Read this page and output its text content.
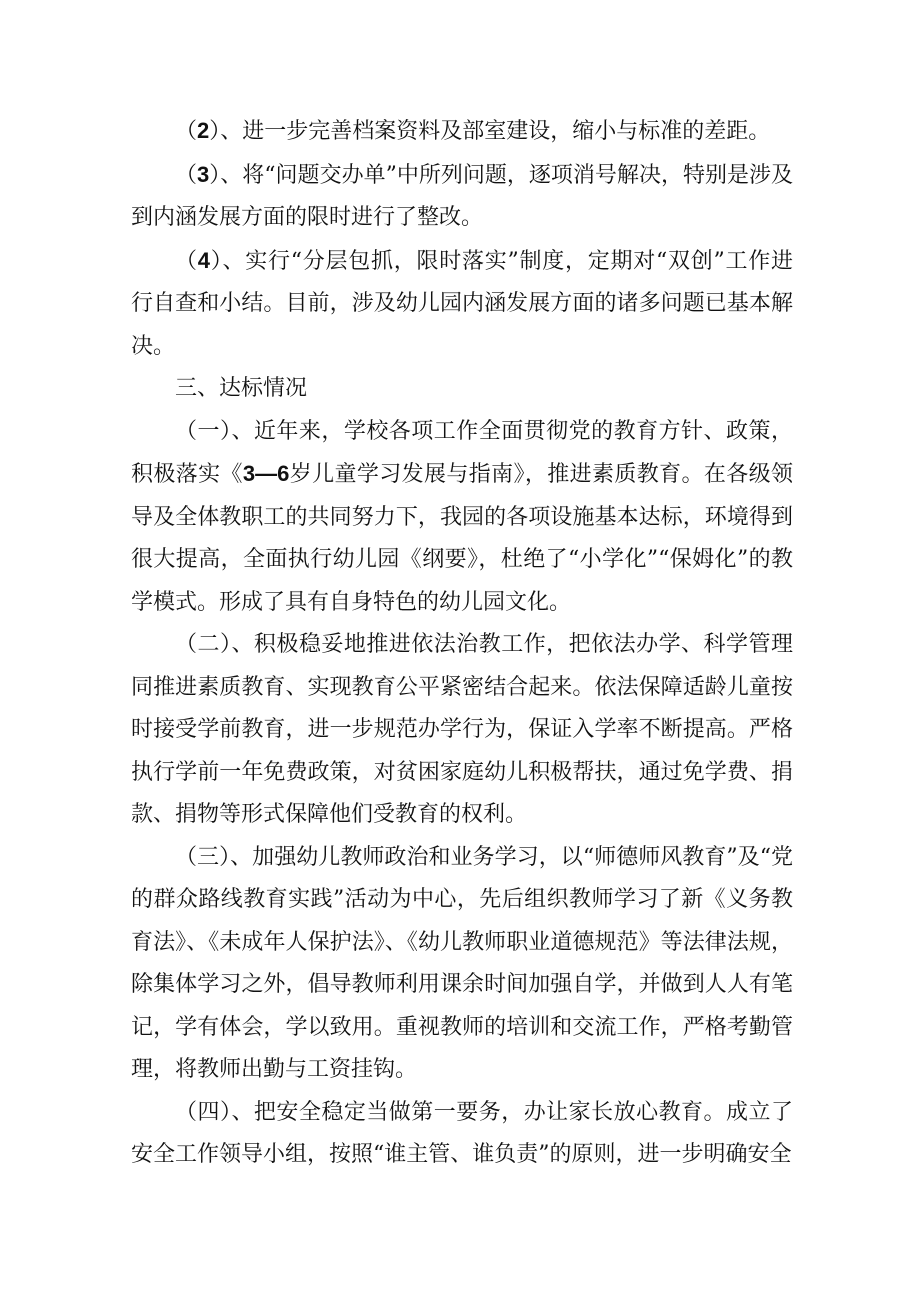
（2）、进一步完善档案资料及部室建设，缩小与标准的差距。

（3）、将“问题交办单”中所列问题，逐项消号解决，特别是涉及到内涵发展方面的限时进行了整改。

（4）、实行“分层包抓，限时落实”制度，定期对“双创”工作进行自查和小结。目前，涉及幼儿园内涵发展方面的诸多问题已基本解决。

三、达标情况

（一）、近年来，学校各项工作全面贯彻党的教育方针、政策，积极落实《3—6岁儿童学习发展与指南》，推进素质教育。在各级领导及全体教职工的共同努力下，我园的各项设施基本达标，环境得到很大提高，全面执行幼儿园《纲要》，杜绝了“小学化”“保姆化”的教学模式。形成了具有自身特色的幼儿园文化。

（二）、积极稳妥地推进依法治教工作，把依法办学、科学管理同推进素质教育、实现教育公平紧密结合起来。依法保障适龄儿童按时接受学前教育，进一步规范办学行为，保证入学率不断提高。严格执行学前一年免费政策，对贫困家庭幼儿积极帮扶，通过免学费、捐款、捐物等形式保障他们受教育的权利。

（三）、加强幼儿教师政治和业务学习，以“师德师风教育”及“党的群众路线教育实践”活动为中心，先后组织教师学习了新《义务教育法》、《未成年人保护法》、《幼儿教师职业道德规范》等法律法规，除集体学习之外，倡导教师利用课余时间加强自学，并做到人人有笔记，学有体会，学以致用。重视教师的培训和交流工作，严格考勤管理，将教师出勤与工资挂钩。

（四）、把安全稳定当做第一要务，办让家长放心教育。成立了安全工作领导小组，按照“谁主管、谁负责”的原则，进一步明确安全
